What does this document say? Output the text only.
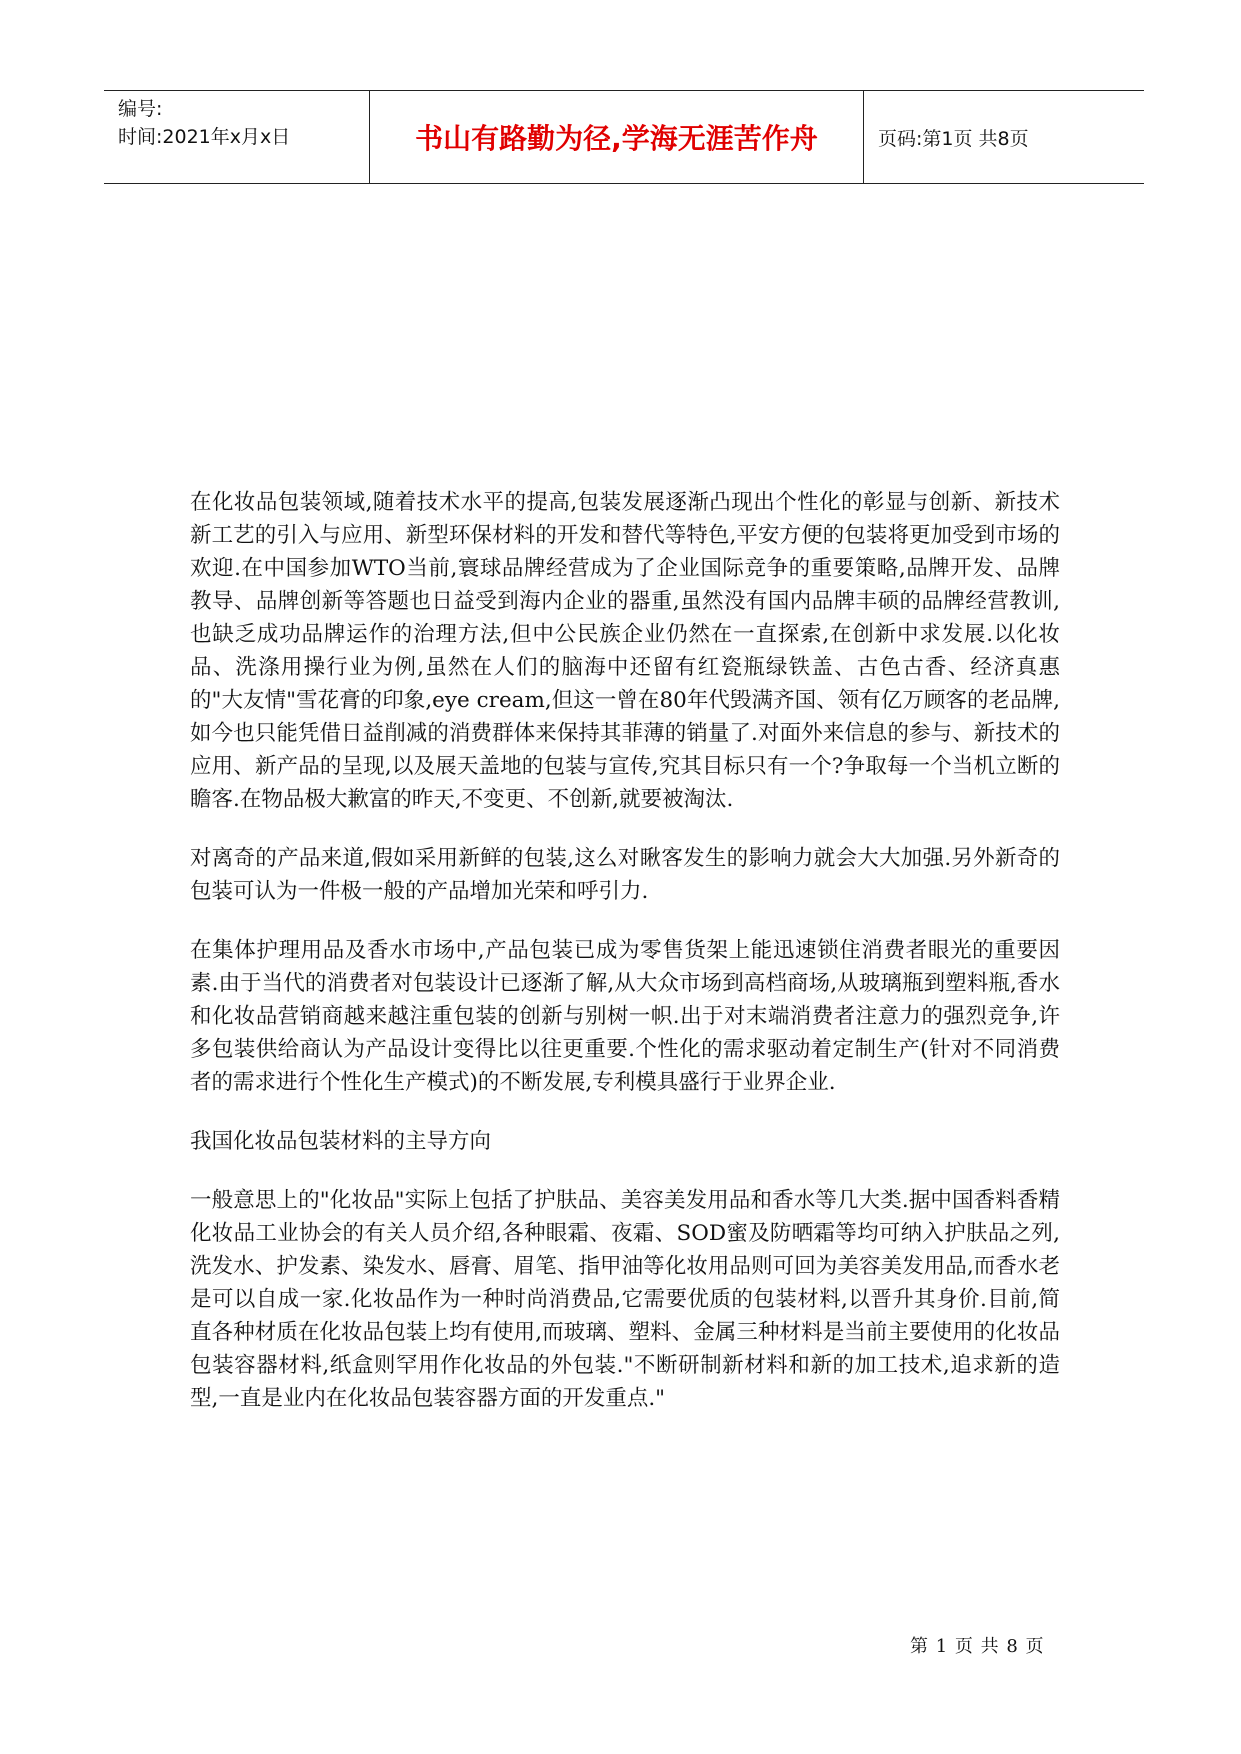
编号:
时间:2021年x月x日	书山有路勤为径,学海无涯苦作舟	页码:第1页 共8页

在化妆品包装领域,随着技术水平的提高,包装发展逐渐凸现出个性化的彰显与创新、新技术新工艺的引入与应用、新型环保材料的开发和替代等特色,平安方便的包装将更加受到市场的欢迎.在中国参加WTO当前,寰球品牌经营成为了企业国际竞争的重要策略,品牌开发、品牌教导、品牌创新等答题也日益受到海内企业的器重,虽然没有国内品牌丰硕的品牌经营教训,也缺乏成功品牌运作的治理方法,但中公民族企业仍然在一直探索,在创新中求发展.以化妆品、洗涤用操行业为例,虽然在人们的脑海中还留有红瓷瓶绿铁盖、古色古香、经济真惠的"大友情"雪花膏的印象,eye cream,但这一曾在80年代毁满齐国、领有亿万顾客的老品牌,如今也只能凭借日益削减的消费群体来保持其菲薄的销量了.对面外来信息的参与、新技术的应用、新产品的呈现,以及展天盖地的包装与宣传,究其目标只有一个?争取每一个当机立断的瞻客.在物品极大歉富的昨天,不变更、不创新,就要被淘汰.

对离奇的产品来道,假如采用新鲜的包装,这么对瞅客发生的影响力就会大大加强.另外新奇的包装可认为一件极一般的产品增加光荣和呼引力.

在集体护理用品及香水市场中,产品包装已成为零售货架上能迅速锁住消费者眼光的重要因素.由于当代的消费者对包装设计已逐渐了解,从大众市场到高档商场,从玻璃瓶到塑料瓶,香水和化妆品营销商越来越注重包装的创新与别树一帜.出于对末端消费者注意力的强烈竞争,许多包装供给商认为产品设计变得比以往更重要.个性化的需求驱动着定制生产(针对不同消费者的需求进行个性化生产模式)的不断发展,专利模具盛行于业界企业.

我国化妆品包装材料的主导方向

一般意思上的"化妆品"实际上包括了护肤品、美容美发用品和香水等几大类.据中国香料香精化妆品工业协会的有关人员介绍,各种眼霜、夜霜、SOD蜜及防晒霜等均可纳入护肤品之列,洗发水、护发素、染发水、唇膏、眉笔、指甲油等化妆用品则可回为美容美发用品,而香水老是可以自成一家.化妆品作为一种时尚消费品,它需要优质的包装材料,以晋升其身价.目前,简直各种材质在化妆品包装上均有使用,而玻璃、塑料、金属三种材料是当前主要使用的化妆品包装容器材料,纸盒则罕用作化妆品的外包装."不断研制新材料和新的加工技术,追求新的造型,一直是业内在化妆品包装容器方面的开发重点."

第 1 页 共 8 页
